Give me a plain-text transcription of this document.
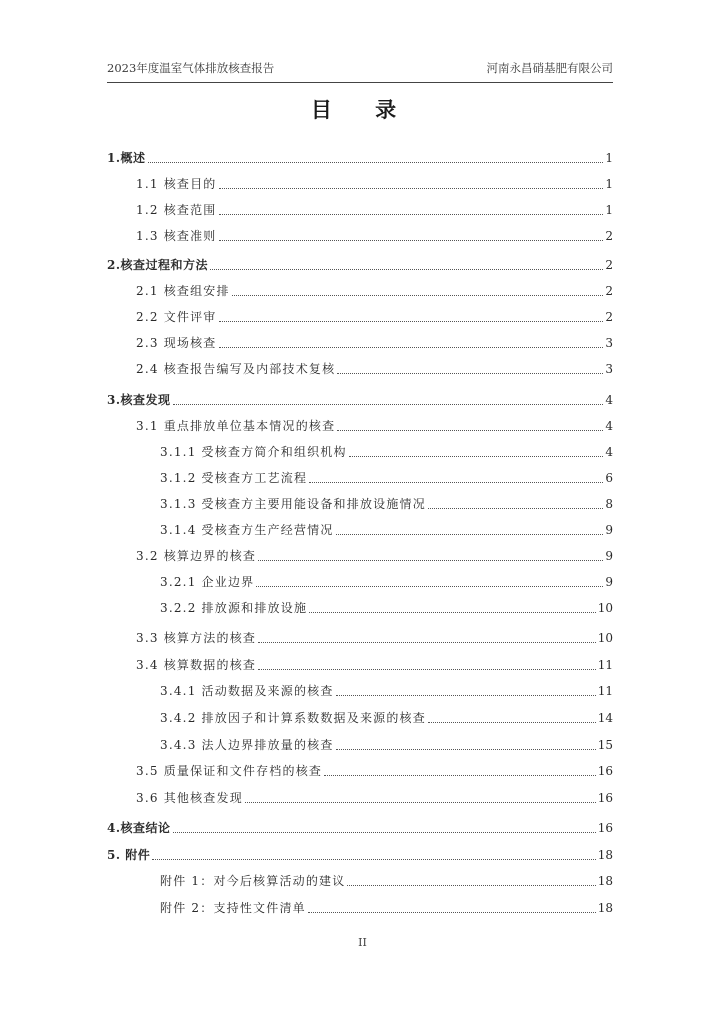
2023年度温室气体排放核查报告	河南永昌硝基肥有限公司
目 录
1.概述	1
1.1 核查目的	1
1.2 核查范围	1
1.3 核查准则	2
2.核查过程和方法	2
2.1 核查组安排	2
2.2 文件评审	2
2.3 现场核查	3
2.4 核查报告编写及内部技术复核	3
3.核查发现	4
3.1 重点排放单位基本情况的核查	4
3.1.1 受核查方简介和组织机构	4
3.1.2 受核查方工艺流程	6
3.1.3 受核查方主要用能设备和排放设施情况	8
3.1.4 受核查方生产经营情况	9
3.2 核算边界的核查	9
3.2.1 企业边界	9
3.2.2 排放源和排放设施	10
3.3 核算方法的核查	10
3.4 核算数据的核查	11
3.4.1 活动数据及来源的核查	11
3.4.2 排放因子和计算系数数据及来源的核查	14
3.4.3 法人边界排放量的核查	15
3.5 质量保证和文件存档的核查	16
3.6 其他核查发现	16
4.核查结论	16
5. 附件	18
附件 1：对今后核算活动的建议	18
附件 2：支持性文件清单	18
II
